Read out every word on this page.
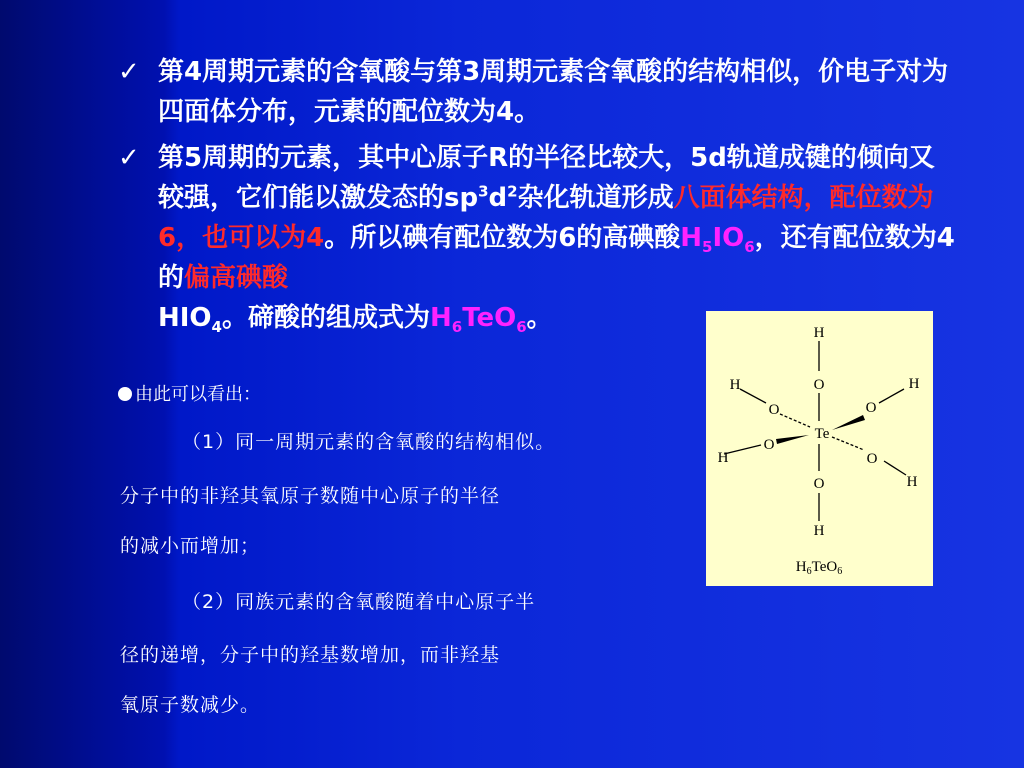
✓ 第4周期元素的含氧酸与第3周期元素含氧酸的结构相似，价电子对为四面体分布，元素的配位数为4。
✓ 第5周期的元素，其中心原子R的半径比较大，5d轨道成键的倾向又较强，它们能以激发态的$sp^3d^2$杂化轨道形成八面体结构，配位数为6，也可以为4。所以碘有配位数为6的高碘酸$H_5IO_6$，还有配位数为4的偏高碘酸
$HIO_4$。碲酸的组成式为$H_6TeO_6$。
由此可以看出：
（1）同一周期元素的含氧酸的结构相似。
分子中的非羟其氧原子数随中心原子的半径
的减小而增加；
（2）同族元素的含氧酸随着中心原子半
径的递增，分子中的羟基数增加，而非羟基
氧原子数减少。
H
O
H
O
H
O
Te
H
O
H
O
O
H
$H_6TeO_6$
